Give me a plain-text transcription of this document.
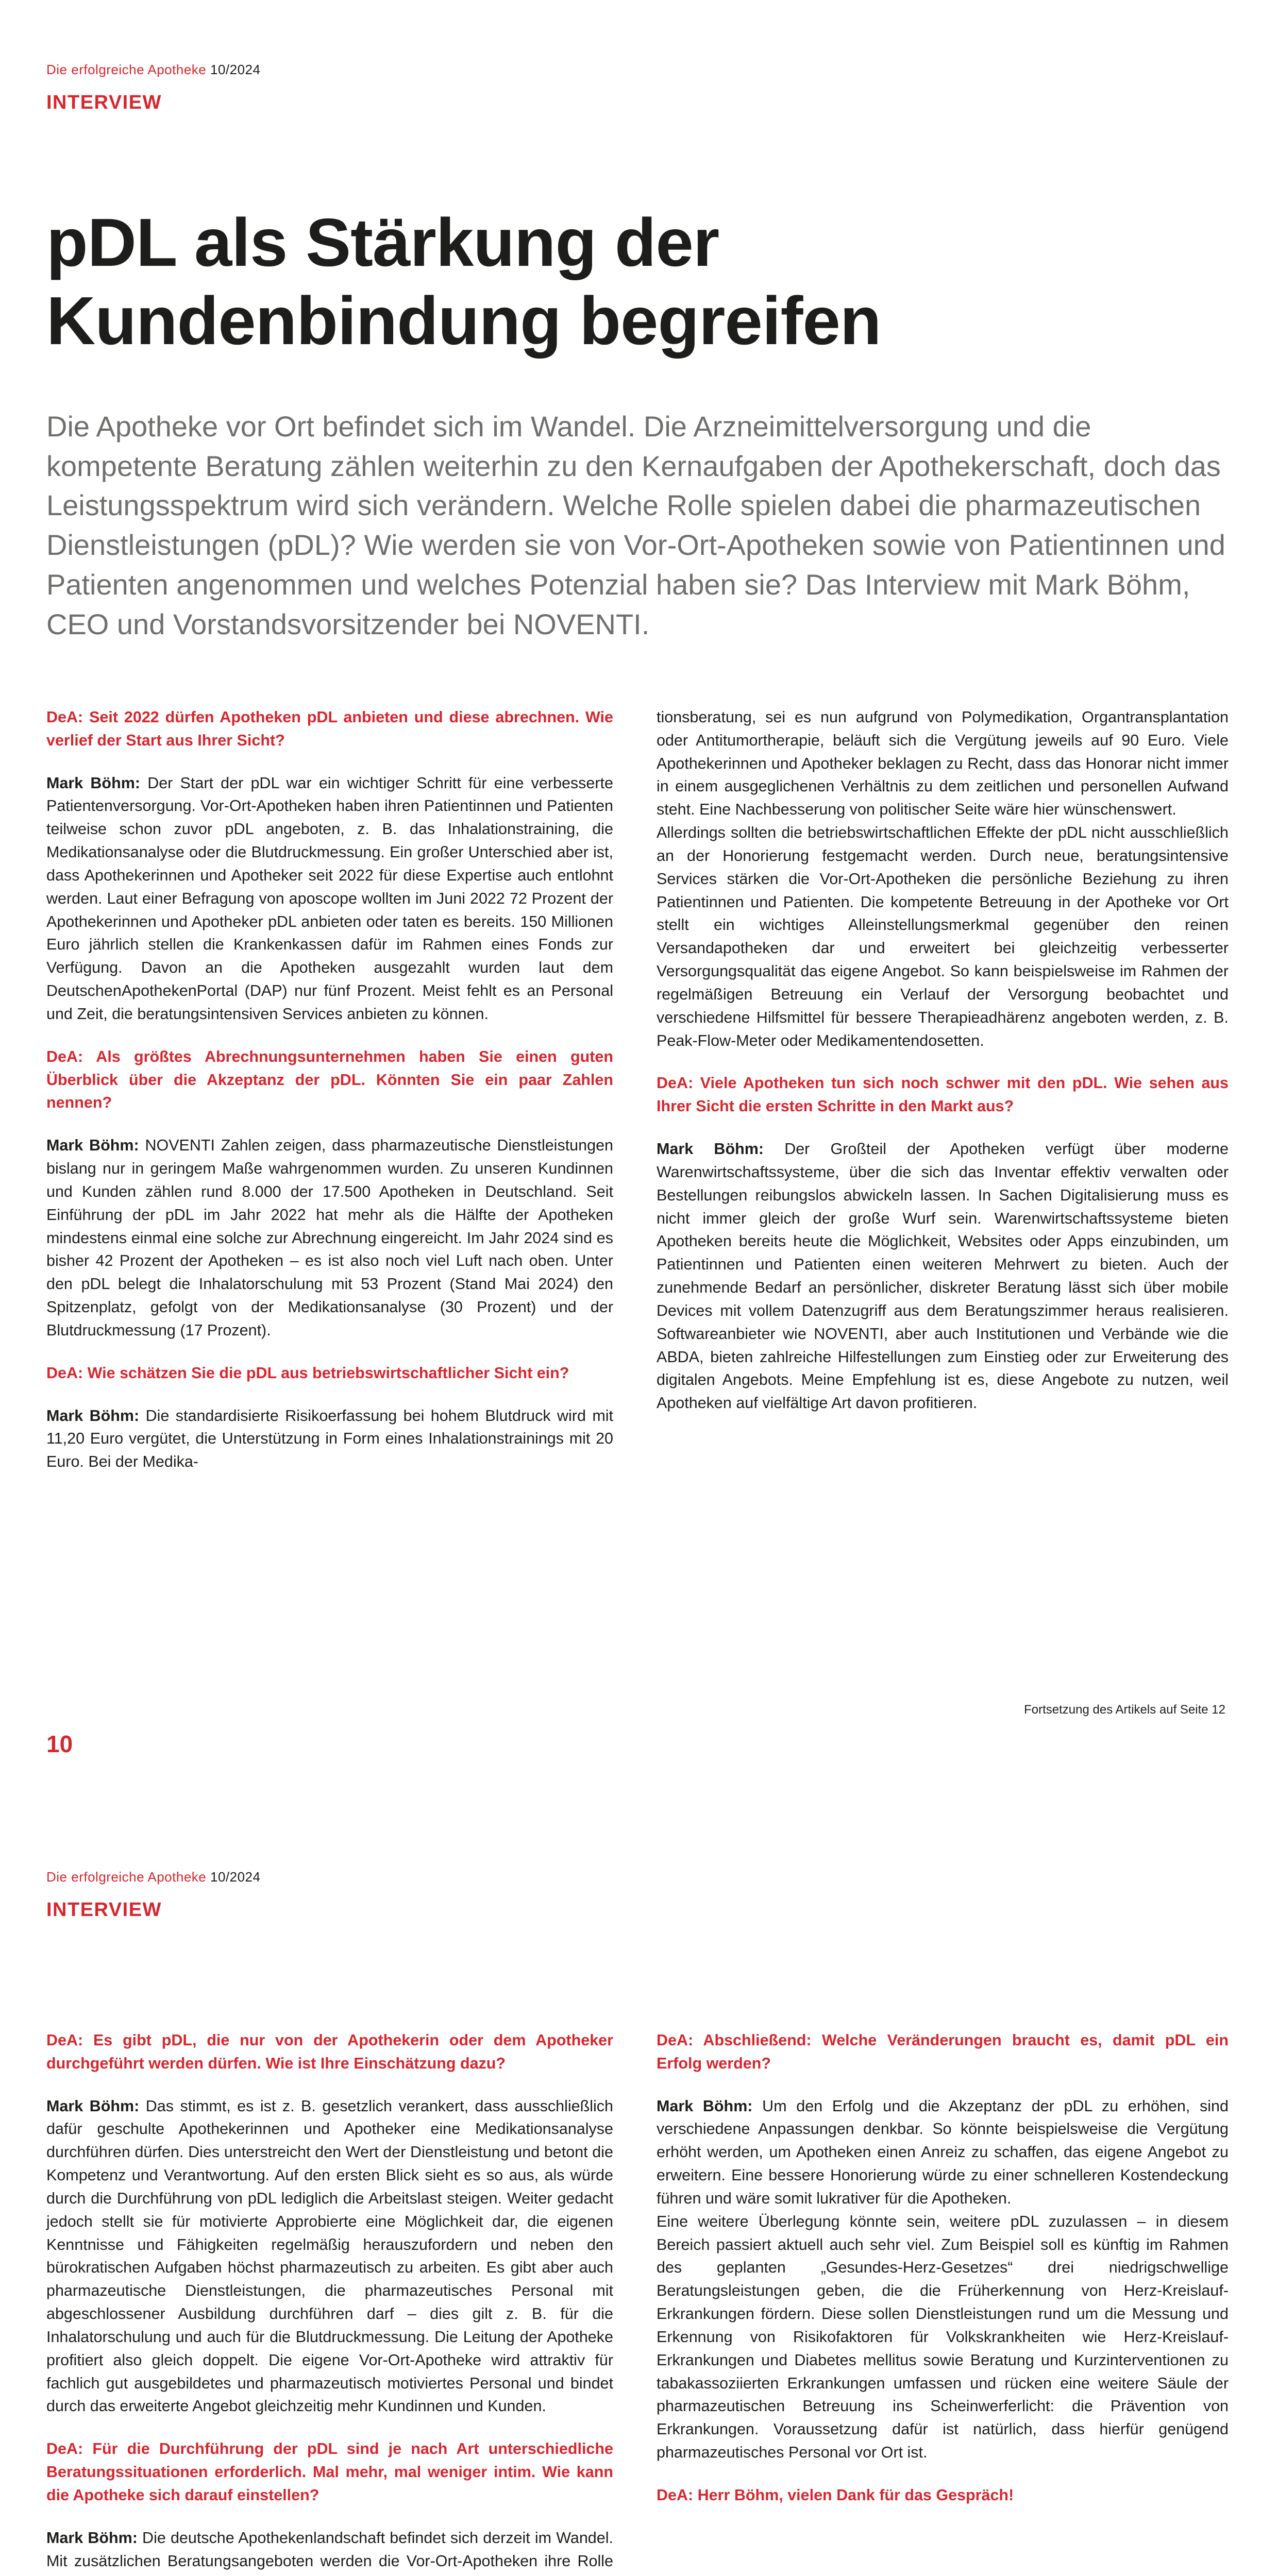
Die erfolgreiche Apotheke 10/2024
INTERVIEW
pDL als Stärkung der Kundenbindung begreifen

Die Apotheke vor Ort befindet sich im Wandel. Die Arzneimittelversorgung und die kompetente Beratung zählen weiterhin zu den Kernaufgaben der Apothekerschaft, doch das Leistungsspektrum wird sich verändern. Welche Rolle spielen dabei die pharmazeutischen Dienstleistungen (pDL)? Wie werden sie von Vor-Ort-Apotheken sowie von Patientinnen und Patienten angenommen und welches Potenzial haben sie? Das Interview mit Mark Böhm, CEO und Vorstandsvorsitzender bei NOVENTI.

DeA: Seit 2022 dürfen Apotheken pDL anbieten und diese abrechnen. Wie verlief der Start aus Ihrer Sicht?

Mark Böhm: Der Start der pDL war ein wichtiger Schritt für eine verbesserte Patientenversorgung. Vor-Ort-Apotheken haben ihren Patientinnen und Patienten teilweise schon zuvor pDL angeboten, z. B. das Inhalationstraining, die Medikationsanalyse oder die Blutdruckmessung. Ein großer Unterschied aber ist, dass Apothekerinnen und Apotheker seit 2022 für diese Expertise auch entlohnt werden. Laut einer Befragung von aposcope wollten im Juni 2022 72 Prozent der Apothekerinnen und Apotheker pDL anbieten oder taten es bereits. 150 Millionen Euro jährlich stellen die Krankenkassen dafür im Rahmen eines Fonds zur Verfügung. Davon an die Apotheken ausgezahlt wurden laut dem DeutschenApothekenPortal (DAP) nur fünf Prozent. Meist fehlt es an Personal und Zeit, die beratungsintensiven Services anbieten zu können.

DeA: Als größtes Abrechnungsunternehmen haben Sie einen guten Überblick über die Akzeptanz der pDL. Könnten Sie ein paar Zahlen nennen?

Mark Böhm: NOVENTI Zahlen zeigen, dass pharmazeutische Dienstleistungen bislang nur in geringem Maße wahrgenommen wurden. Zu unseren Kundinnen und Kunden zählen rund 8.000 der 17.500 Apotheken in Deutschland. Seit Einführung der pDL im Jahr 2022 hat mehr als die Hälfte der Apotheken mindestens einmal eine solche zur Abrechnung eingereicht. Im Jahr 2024 sind es bisher 42 Prozent der Apotheken – es ist also noch viel Luft nach oben. Unter den pDL belegt die Inhalatorschulung mit 53 Prozent (Stand Mai 2024) den Spitzenplatz, gefolgt von der Medikationsanalyse (30 Prozent) und der Blutdruckmessung (17 Prozent).

DeA: Wie schätzen Sie die pDL aus betriebswirtschaftlicher Sicht ein?

Mark Böhm: Die standardisierte Risikoerfassung bei hohem Blutdruck wird mit 11,20 Euro vergütet, die Unterstützung in Form eines Inhalationstrainings mit 20 Euro. Bei der Medika-

tionsberatung, sei es nun aufgrund von Polymedikation, Organtransplantation oder Antitumortherapie, beläuft sich die Vergütung jeweils auf 90 Euro. Viele Apothekerinnen und Apotheker beklagen zu Recht, dass das Honorar nicht immer in einem ausgeglichenen Verhältnis zu dem zeitlichen und personellen Aufwand steht. Eine Nachbesserung von politischer Seite wäre hier wünschenswert.
Allerdings sollten die betriebswirtschaftlichen Effekte der pDL nicht ausschließlich an der Honorierung festgemacht werden. Durch neue, beratungsintensive Services stärken die Vor-Ort-Apotheken die persönliche Beziehung zu ihren Patientinnen und Patienten. Die kompetente Betreuung in der Apotheke vor Ort stellt ein wichtiges Alleinstellungsmerkmal gegenüber den reinen Versandapotheken dar und erweitert bei gleichzeitig verbesserter Versorgungsqualität das eigene Angebot. So kann beispielsweise im Rahmen der regelmäßigen Betreuung ein Verlauf der Versorgung beobachtet und verschiedene Hilfsmittel für bessere Therapieadhärenz angeboten werden, z. B. Peak-Flow-Meter oder Medikamentendosetten.

DeA: Viele Apotheken tun sich noch schwer mit den pDL. Wie sehen aus Ihrer Sicht die ersten Schritte in den Markt aus?

Mark Böhm: Der Großteil der Apotheken verfügt über moderne Warenwirtschaftssysteme, über die sich das Inventar effektiv verwalten oder Bestellungen reibungslos abwickeln lassen. In Sachen Digitalisierung muss es nicht immer gleich der große Wurf sein. Warenwirtschaftssysteme bieten Apotheken bereits heute die Möglichkeit, Websites oder Apps einzubinden, um Patientinnen und Patienten einen weiteren Mehrwert zu bieten. Auch der zunehmende Bedarf an persönlicher, diskreter Beratung lässt sich über mobile Devices mit vollem Datenzugriff aus dem Beratungszimmer heraus realisieren. Softwareanbieter wie NOVENTI, aber auch Institutionen und Verbände wie die ABDA, bieten zahlreiche Hilfestellungen zum Einstieg oder zur Erweiterung des digitalen Angebots. Meine Empfehlung ist es, diese Angebote zu nutzen, weil Apotheken auf vielfältige Art davon profitieren.

Fortsetzung des Artikels auf Seite 12
10
Die erfolgreiche Apotheke 10/2024
INTERVIEW

DeA: Es gibt pDL, die nur von der Apothekerin oder dem Apotheker durchgeführt werden dürfen. Wie ist Ihre Einschätzung dazu?

Mark Böhm: Das stimmt, es ist z. B. gesetzlich verankert, dass ausschließlich dafür geschulte Apothekerinnen und Apotheker eine Medikationsanalyse durchführen dürfen. Dies unterstreicht den Wert der Dienstleistung und betont die Kompetenz und Verantwortung. Auf den ersten Blick sieht es so aus, als würde durch die Durchführung von pDL lediglich die Arbeitslast steigen. Weiter gedacht jedoch stellt sie für motivierte Approbierte eine Möglichkeit dar, die eigenen Kenntnisse und Fähigkeiten regelmäßig herauszufordern und neben den bürokratischen Aufgaben höchst pharmazeutisch zu arbeiten. Es gibt aber auch pharmazeutische Dienstleistungen, die pharmazeutisches Personal mit abgeschlossener Ausbildung durchführen darf – dies gilt z. B. für die Inhalatorschulung und auch für die Blutdruckmessung. Die Leitung der Apotheke profitiert also gleich doppelt. Die eigene Vor-Ort-Apotheke wird attraktiv für fachlich gut ausgebildetes und pharmazeutisch motiviertes Personal und bindet durch das erweiterte Angebot gleichzeitig mehr Kundinnen und Kunden.

DeA: Für die Durchführung der pDL sind je nach Art unterschiedliche Beratungssituationen erforderlich. Mal mehr, mal weniger intim. Wie kann die Apotheke sich darauf einstellen?

Mark Böhm: Die deutsche Apothekenlandschaft befindet sich derzeit im Wandel. Mit zusätzlichen Beratungsangeboten werden die Vor-Ort-Apotheken ihre Rolle

DeA: Abschließend: Welche Veränderungen braucht es, damit pDL ein Erfolg werden?

Mark Böhm: Um den Erfolg und die Akzeptanz der pDL zu erhöhen, sind verschiedene Anpassungen denkbar. So könnte beispielsweise die Vergütung erhöht werden, um Apotheken einen Anreiz zu schaffen, das eigene Angebot zu erweitern. Eine bessere Honorierung würde zu einer schnelleren Kostendeckung führen und wäre somit lukrativer für die Apotheken.
Eine weitere Überlegung könnte sein, weitere pDL zuzulassen – in diesem Bereich passiert aktuell auch sehr viel. Zum Beispiel soll es künftig im Rahmen des geplanten „Gesundes-Herz-Gesetzes“ drei niedrigschwellige Beratungsleistungen geben, die die Früherkennung von Herz-Kreislauf-Erkrankungen fördern. Diese sollen Dienstleistungen rund um die Messung und Erkennung von Risikofaktoren für Volkskrankheiten wie Herz-Kreislauf-Erkrankungen und Diabetes mellitus sowie Beratung und Kurzinterventionen zu tabakassoziierten Erkrankungen umfassen und rücken eine weitere Säule der pharmazeutischen Betreuung ins Scheinwerferlicht: die Prävention von Erkrankungen. Voraussetzung dafür ist natürlich, dass hierfür genügend pharmazeutisches Personal vor Ort ist.

DeA: Herr Böhm, vielen Dank für das Gespräch!
